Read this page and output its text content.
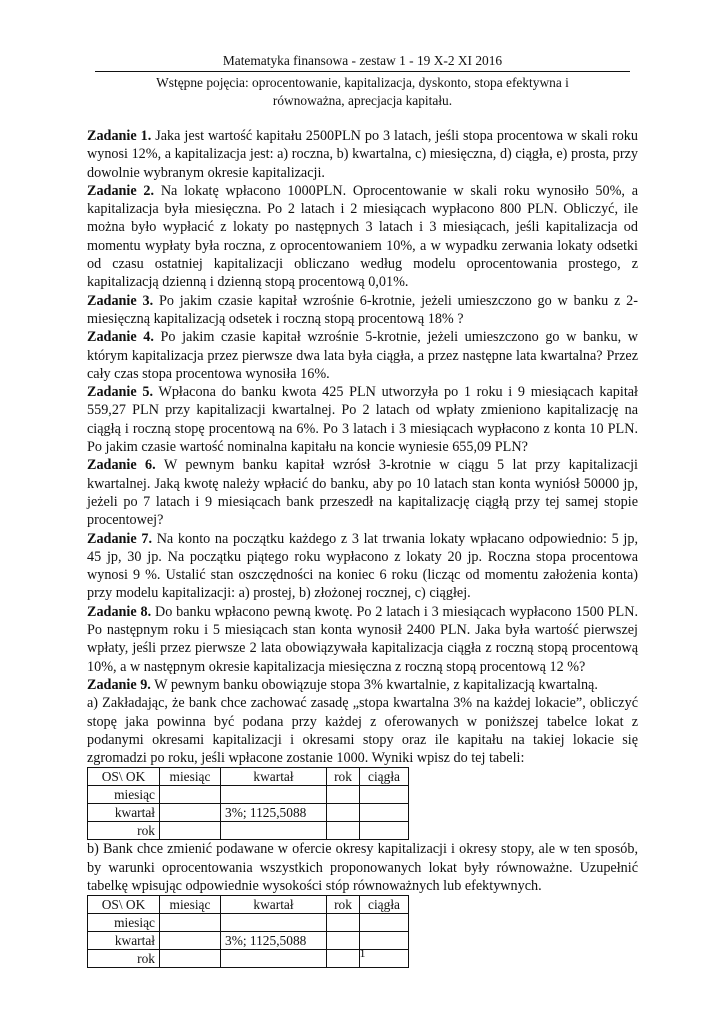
Matematyka finansowa - zestaw 1 - 19 X-2 XI 2016
Wstępne pojęcia: oprocentowanie, kapitalizacja, dyskonto, stopa efektywna i
równoważna, aprecjacja kapitału.

Zadanie 1. Jaka jest wartość kapitału 2500PLN po 3 latach, jeśli stopa procentowa w skali roku wynosi 12%, a kapitalizacja jest: a) roczna, b) kwartalna, c) miesięczna, d) ciągła, e) prosta, przy dowolnie wybranym okresie kapitalizacji.

Zadanie 2. Na lokatę wpłacono 1000PLN. Oprocentowanie w skali roku wynosiło 50%, a kapitalizacja była miesięczna. Po 2 latach i 2 miesiącach wypłacono 800 PLN. Obliczyć, ile można było wypłacić z lokaty po następnych 3 latach i 3 miesiącach, jeśli kapitalizacja od momentu wypłaty była roczna, z oprocentowaniem 10%, a w wypadku zerwania lokaty odsetki od czasu ostatniej kapitalizacji obliczano według modelu oprocentowania prostego, z kapitalizacją dzienną i dzienną stopą procentową 0,01%.

Zadanie 3. Po jakim czasie kapitał wzrośnie 6-krotnie, jeżeli umieszczono go w banku z 2-miesięczną kapitalizacją odsetek i roczną stopą procentową 18% ?

Zadanie 4. Po jakim czasie kapitał wzrośnie 5-krotnie, jeżeli umieszczono go w banku, w którym kapitalizacja przez pierwsze dwa lata była ciągła, a przez następne lata kwartalna? Przez cały czas stopa procentowa wynosiła 16%.

Zadanie 5. Wpłacona do banku kwota 425 PLN utworzyła po 1 roku i 9 miesiącach kapitał 559,27 PLN przy kapitalizacji kwartalnej. Po 2 latach od wpłaty zmieniono kapitalizację na ciągłą i roczną stopę procentową na 6%. Po 3 latach i 3 miesiącach wypłacono z konta 10 PLN. Po jakim czasie wartość nominalna kapitału na koncie wyniesie 655,09 PLN?

Zadanie 6. W pewnym banku kapitał wzrósł 3-krotnie w ciągu 5 lat przy kapitalizacji kwartalnej. Jaką kwotę należy wpłacić do banku, aby po 10 latach stan konta wyniósł 50000 jp, jeżeli po 7 latach i 9 miesiącach bank przeszedł na kapitalizację ciągłą przy tej samej stopie procentowej?

Zadanie 7. Na konto na początku każdego z 3 lat trwania lokaty wpłacano odpowiednio: 5 jp, 45 jp, 30 jp. Na początku piątego roku wypłacono z lokaty 20 jp. Roczna stopa procentowa wynosi 9 %. Ustalić stan oszczędności na koniec 6 roku (licząc od momentu założenia konta) przy modelu kapitalizacji: a) prostej, b) złożonej rocznej, c) ciągłej.

Zadanie 8. Do banku wpłacono pewną kwotę. Po 2 latach i 3 miesiącach wypłacono 1500 PLN. Po następnym roku i 5 miesiącach stan konta wynosił 2400 PLN. Jaka była wartość pierwszej wpłaty, jeśli przez pierwsze 2 lata obowiązywała kapitalizacja ciągła z roczną stopą procentową 10%, a w następnym okresie kapitalizacja miesięczna z roczną stopą procentową 12 %?

Zadanie 9. W pewnym banku obowiązuje stopa 3% kwartalnie, z kapitalizacją kwartalną.
a) Zakładając, że bank chce zachować zasadę „stopa kwartalna 3% na każdej lokacie”, obliczyć stopę jaka powinna być podana przy każdej z oferowanych w poniższej tabelce lokat z podanymi okresami kapitalizacji i okresami stopy oraz ile kapitału na takiej lokacie się zgromadzi po roku, jeśli wpłacone zostanie 1000. Wyniki wpisz do tej tabeli:

OS\ OK	miesiąc	kwartał	rok	ciągła
miesiąc				
kwartał		3%; 1125,5088		
rok				

b) Bank chce zmienić podawane w ofercie okresy kapitalizacji i okresy stopy, ale w ten sposób, by warunki oprocentowania wszystkich proponowanych lokat były równoważne. Uzupełnić tabelkę wpisując odpowiednie wysokości stóp równoważnych lub efektywnych.

OS\ OK	miesiąc	kwartał	rok	ciągła
miesiąc				
kwartał		3%; 1125,5088		
rok					1
